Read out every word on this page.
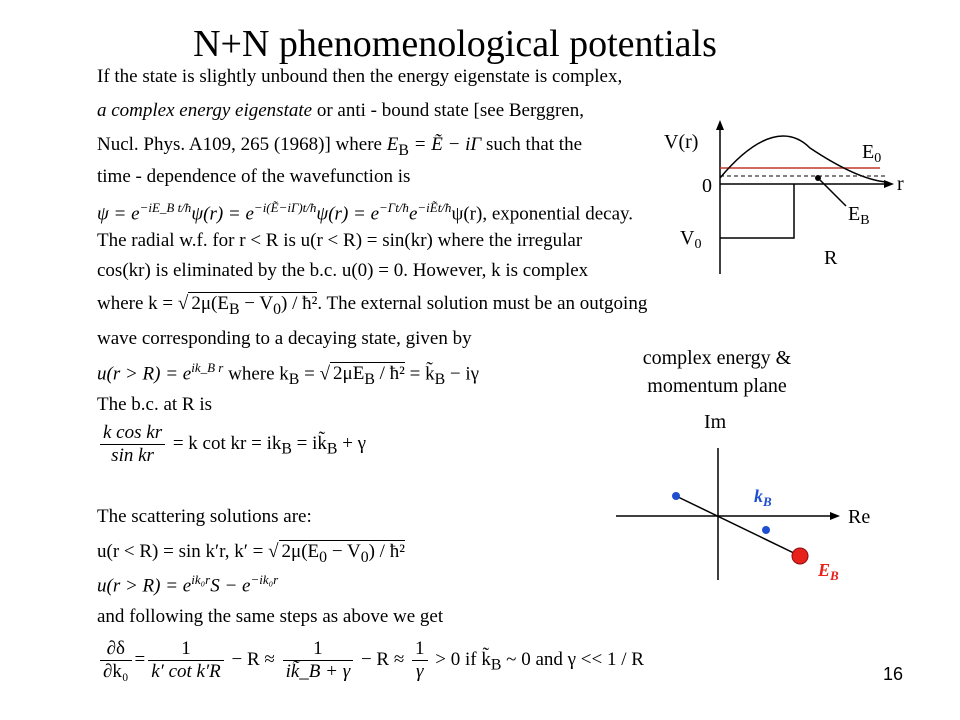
N+N phenomenological potentials
If the state is slightly unbound then the energy eigenstate is complex,
a complex energy eigenstate or anti - bound state [see Berggren,
Nucl. Phys. A109, 265 (1968)] where $E_B$ = Ẽ − iΓ such that the
time - dependence of the wavefunction is
$\psi = e^{-iE\_B t/ħ}\psi(r) = e^{-i(Ẽ-i\Gamma)t/ħ}\psi(r) = e^{-\Gamma t/ħ}e^{-iẼt/ħ}\psi(r)$, exponential decay.
The radial w.f. for r < R is u(r < R) = sin(kr) where the irregular
cos(kr) is eliminated by the b.c. u(0) = 0. However, k is complex
where k = √ $2\mu(E_B - V_0)$ / ħ². The external solution must be an outgoing
wave corresponding to a decaying state, given by
$u(r > R) = e^{ik\_B r}$ where $k_B$ = √ $2\mu E_B$ / ħ² = $k̃_B - i\gamma$
The b.c. at R is
$\frac{\text{k cos kr}}{\text{sin kr}} = k$ cot kr = $ik_B$ = $ik̃_B + \gamma$
The scattering solutions are:
u(r < R) = sin k′r, k′ = √ $2\mu(E_0 - V_0)$ / ħ²
$u(r > R) = e^{ik_0r}S - e^{-ik_0r}$
and following the same steps as above we get
$\frac{\partial\delta}{\text{∂k₀}} = \frac{1}{\text{k′ cot k′R}} - R \approx \frac{1}{ik̃\_B + \gamma} - R \approx \frac{1}{\gamma} > 0$ if $k̃_B$ ~ 0 and γ << 1 / R
V(r)
0	r
$V_0$
$E_0$
$E_B$
R
complex energy &
momentum plane
Im
Re
$k_B$
$E_B$
16
